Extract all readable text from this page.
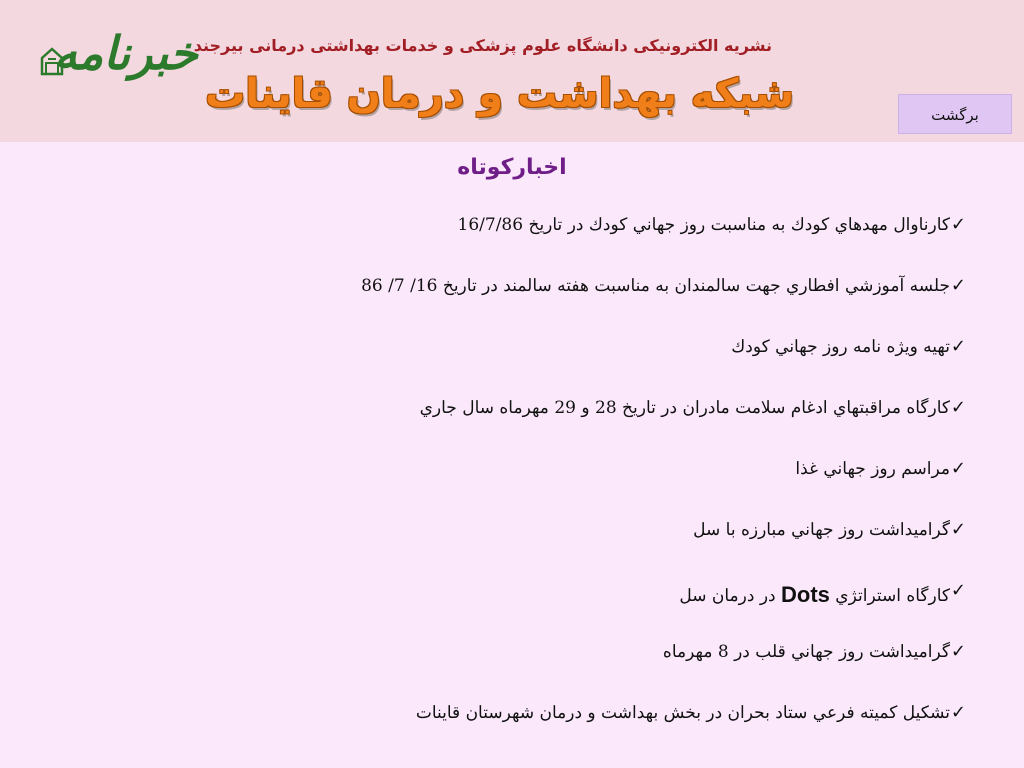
خبرنامه
نشریه الکترونیکی دانشگاه علوم پزشکی و خدمات بهداشتی درمانی بیرجند
شبکه بهداشت و درمان قاینات	برگشت
اخبارکوتاه
✓
کارناوال مهدهاي كودك به مناسبت روز جهاني كودك در تاريخ 16/7/86
✓
جلسه آموزشي افطاري جهت سالمندان به مناسبت هفته سالمند در تاريخ 16/ 7/ 86
✓
تهيه ويژه نامه روز جهاني كودك
✓
كارگاه مراقبتهاي ادغام سلامت مادران در تاريخ 28 و 29 مهرماه سال جاري
✓
مراسم روز جهاني غذا
✓
گراميداشت روز جهاني مبارزه با سل
✓
كارگاه استراتژي Dots در درمان سل
✓
گراميداشت روز جهاني قلب در 8 مهرماه
✓
تشكيل كميته فرعي ستاد بحران در بخش بهداشت و درمان شهرستان قاينات
